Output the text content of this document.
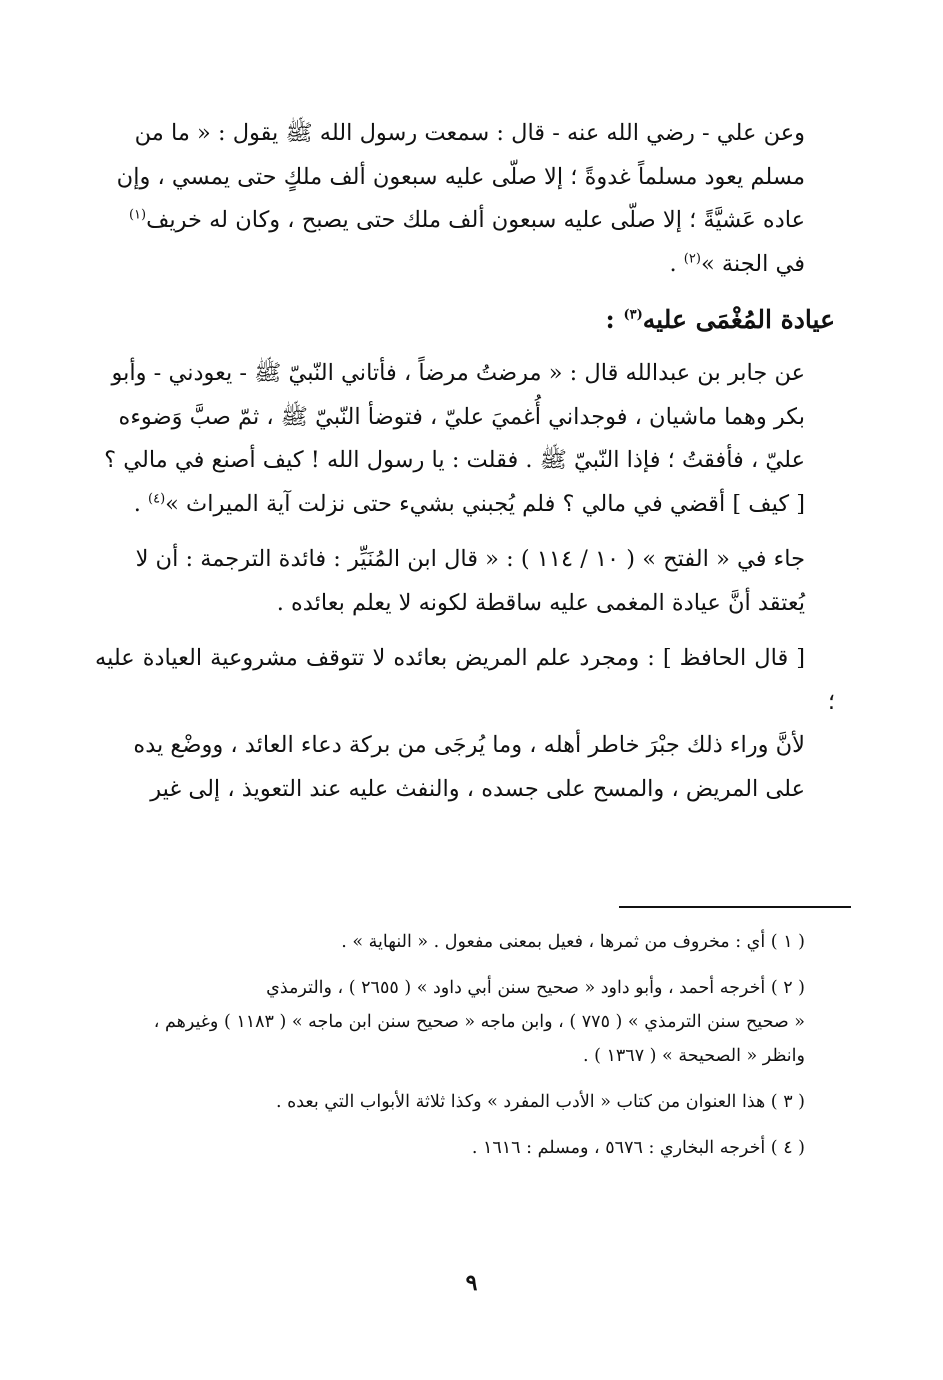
وعن علي - رضي الله عنه - قال : سمعت رسول الله ﷺ يقول : « ما من

مسلم يعود مسلماً غدوةً ؛ إلا صلّى عليه سبعون ألف ملكٍ حتى يمسي ، وإن

عاده عَشيَّةً ؛ إلا صلّى عليه سبعون ألف ملك حتى يصبح ، وكان له خريف$^{(١)}$

في الجنة »$^{(٢)}$ .

عيادة المُغْمَى عليه$^{(٣)}$ :

عن جابر بن عبدالله قال : « مرضتُ مرضاً ، فأتاني النّبيّ ﷺ - يعودني - وأبو

بكر وهما ماشيان ، فوجداني أُغميَ عليّ ، فتوضأ النّبيّ ﷺ ، ثمّ صبَّ وَضوءه

عليّ ، فأفقتُ ؛ فإذا النّبيّ ﷺ . فقلت : يا رسول الله ! كيف أصنع في مالي ؟

[ كيف ] أقضي في مالي ؟ فلم يُجبني بشيء حتى نزلت آية الميراث »$^{(٤)}$ .

جاء في « الفتح » ( ١٠ / ١١٤ ) : « قال ابن المُنَيِّر : فائدة الترجمة : أن لا

يُعتقد أنَّ عيادة المغمى عليه ساقطة لكونه لا يعلم بعائده .

[ قال الحافظ ] : ومجرد علم المريض بعائده لا تتوقف مشروعية العيادة عليه ؛

لأنَّ وراء ذلك جبْرَ خاطر أهله ، وما يُرجَى من بركة دعاء العائد ، ووضْع يده

على المريض ، والمسح على جسده ، والنفث عليه عند التعويذ ، إلى غير

( ١ ) أي : مخروف من ثمرها ، فعيل بمعنى مفعول . « النهاية » .

( ٢ ) أخرجه أحمد ، وأبو داود « صحيح سنن أبي داود » ( ٢٦٥٥ ) ، والترمذي

« صحيح سنن الترمذي » ( ٧٧٥ ) ، وابن ماجه « صحيح سنن ابن ماجه » ( ١١٨٣ ) وغيرهم ،

وانظر « الصحيحة » ( ١٣٦٧ ) .

( ٣ ) هذا العنوان من كتاب « الأدب المفرد » وكذا ثلاثة الأبواب التي بعده .

( ٤ ) أخرجه البخاري : ٥٦٧٦ ، ومسلم : ١٦١٦ .

٩
